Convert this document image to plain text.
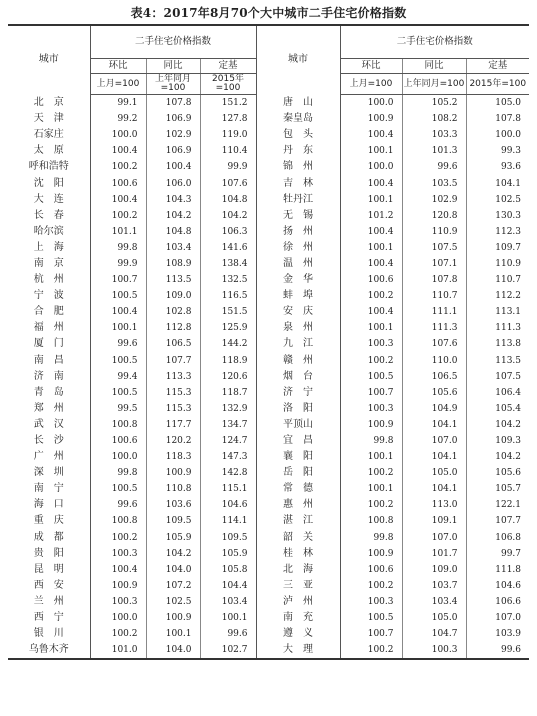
表4：2017年8月70个大中城市二手住宅价格指数
城市	二手住宅价格指数			城市	二手住宅价格指数		
	环比	同比	定基		环比	同比	定基
	上月=100	上年同月=100	2015年=100		上月=100	上年同月=100	2015年=100
北　京	99.1	107.8	151.2	唐　山	100.0	105.2	105.0
天　津	99.2	106.9	127.8	秦皇岛	100.9	108.2	107.8
石家庄	100.0	102.9	119.0	包　头	100.4	103.3	100.0
太　原	100.4	106.9	110.4	丹　东	100.1	101.3	99.3
呼和浩特	100.2	100.4	99.9	锦　州	100.0	99.6	93.6
沈　阳	100.6	106.0	107.6	吉　林	100.4	103.5	104.1
大　连	100.4	104.3	104.8	牡丹江	100.1	102.9	102.5
长　春	100.2	104.2	104.2	无　锡	101.2	120.8	130.3
哈尔滨	101.1	104.8	106.3	扬　州	100.4	110.9	112.3
上　海	99.8	103.4	141.6	徐　州	100.1	107.5	109.7
南　京	99.9	108.9	138.4	温　州	100.4	107.1	110.9
杭　州	100.7	113.5	132.5	金　华	100.6	107.8	110.7
宁　波	100.5	109.0	116.5	蚌　埠	100.2	110.7	112.2
合　肥	100.4	102.8	151.5	安　庆	100.4	111.1	113.1
福　州	100.1	112.8	125.9	泉　州	100.1	111.3	111.3
厦　门	99.6	106.5	144.2	九　江	100.3	107.6	113.8
南　昌	100.5	107.7	118.9	赣　州	100.2	110.0	113.5
济　南	99.4	113.3	120.6	烟　台	100.5	106.5	107.5
青　岛	100.5	115.3	118.7	济　宁	100.7	105.6	106.4
郑　州	99.5	115.3	132.9	洛　阳	100.3	104.9	105.4
武　汉	100.8	117.7	134.7	平顶山	100.9	104.1	104.2
长　沙	100.6	120.2	124.7	宜　昌	99.8	107.0	109.3
广　州	100.0	118.3	147.3	襄　阳	100.1	104.1	104.2
深　圳	99.8	100.9	142.8	岳　阳	100.2	105.0	105.6
南　宁	100.5	110.8	115.1	常　德	100.1	104.1	105.7
海　口	99.6	103.6	104.6	惠　州	100.2	113.0	122.1
重　庆	100.8	109.5	114.1	湛　江	100.8	109.1	107.7
成　都	100.2	105.9	109.5	韶　关	99.8	107.0	106.8
贵　阳	100.3	104.2	105.9	桂　林	100.9	101.7	99.7
昆　明	100.4	104.0	105.8	北　海	100.6	109.0	111.8
西　安	100.9	107.2	104.4	三　亚	100.2	103.7	104.6
兰　州	100.3	102.5	103.4	泸　州	100.3	103.4	106.6
西　宁	100.0	100.9	100.1	南　充	100.5	105.0	107.0
银　川	100.2	100.1	99.6	遵　义	100.7	104.7	103.9
乌鲁木齐	101.0	104.0	102.7	大　理	100.2	100.3	99.6
